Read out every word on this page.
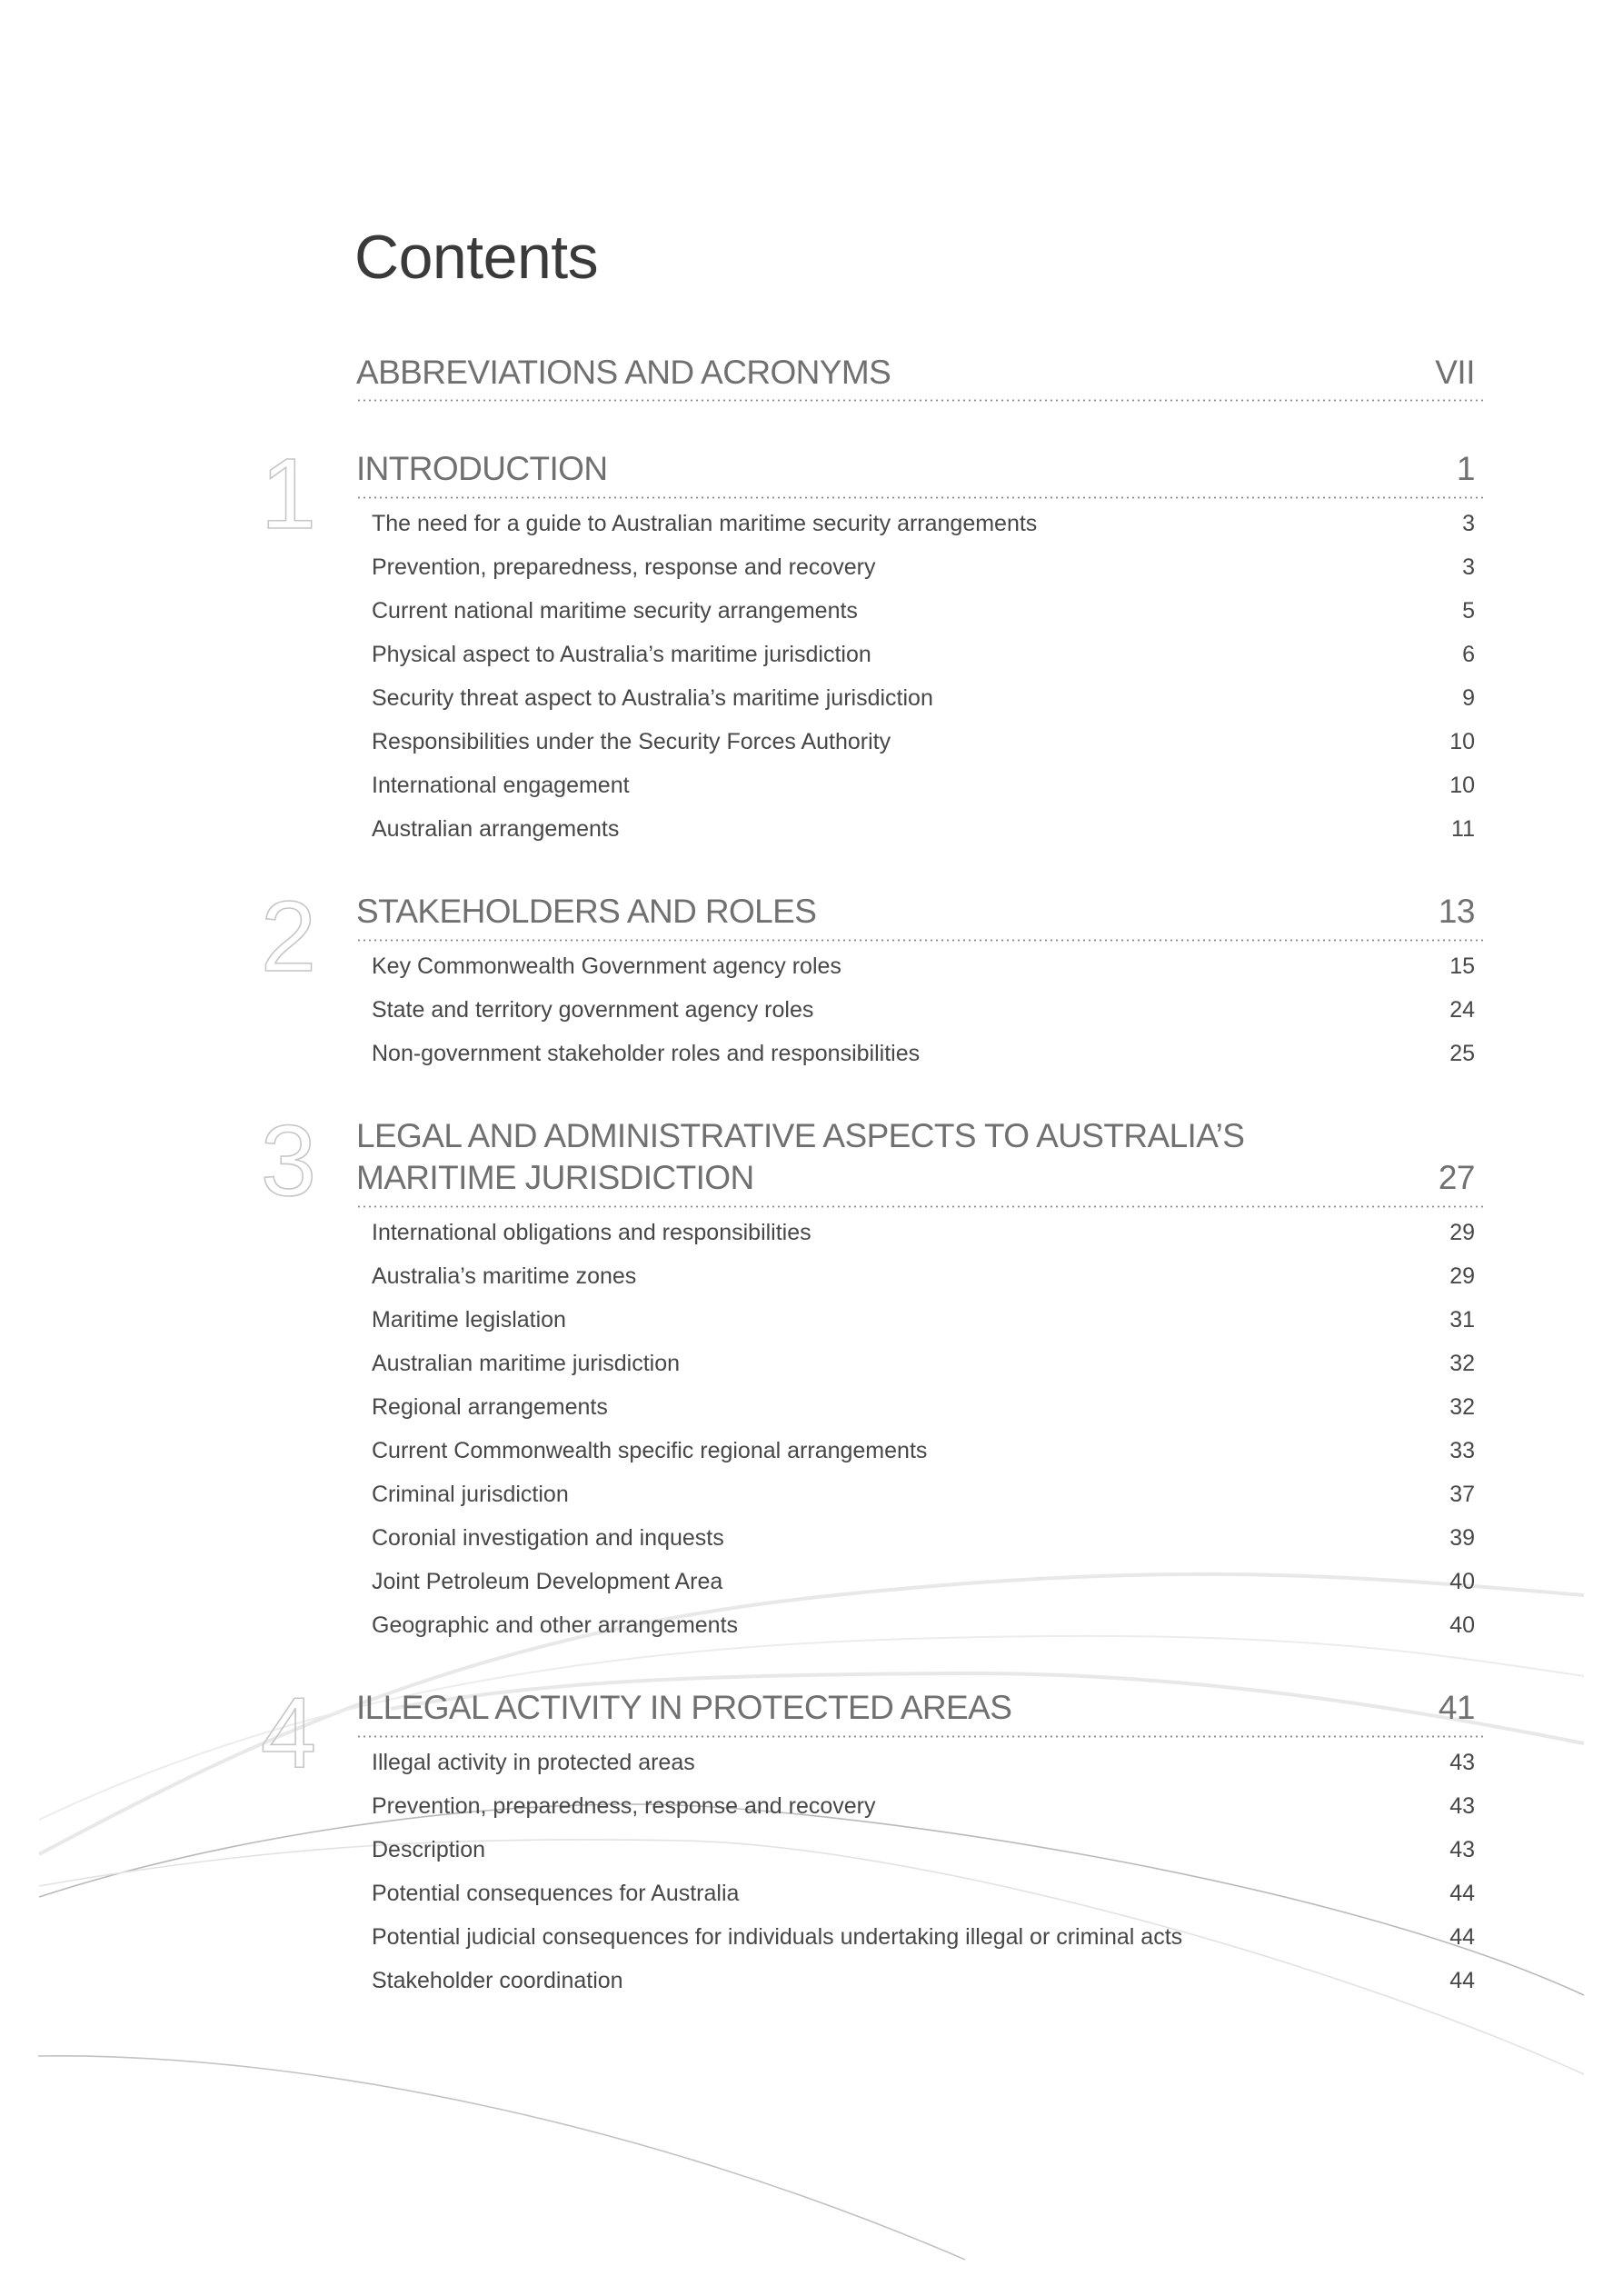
Contents
ABBREVIATIONS AND ACRONYMS	VII
1 INTRODUCTION	1
The need for a guide to Australian maritime security arrangements	3
Prevention, preparedness, response and recovery	3
Current national maritime security arrangements	5
Physical aspect to Australia’s maritime jurisdiction	6
Security threat aspect to Australia’s maritime jurisdiction	9
Responsibilities under the Security Forces Authority	10
International engagement	10
Australian arrangements	11
2 STAKEHOLDERS AND ROLES	13
Key Commonwealth Government agency roles	15
State and territory government agency roles	24
Non-government stakeholder roles and responsibilities	25
3 LEGAL AND ADMINISTRATIVE ASPECTS TO AUSTRALIA’S
MARITIME JURISDICTION	27
International obligations and responsibilities	29
Australia’s maritime zones	29
Maritime legislation	31
Australian maritime jurisdiction	32
Regional arrangements	32
Current Commonwealth specific regional arrangements	33
Criminal jurisdiction	37
Coronial investigation and inquests	39
Joint Petroleum Development Area	40
Geographic and other arrangements	40
4 ILLEGAL ACTIVITY IN PROTECTED AREAS	41
Illegal activity in protected areas	43
Prevention, preparedness, response and recovery	43
Description	43
Potential consequences for Australia	44
Potential judicial consequences for individuals undertaking illegal or criminal acts	44
Stakeholder coordination	44
